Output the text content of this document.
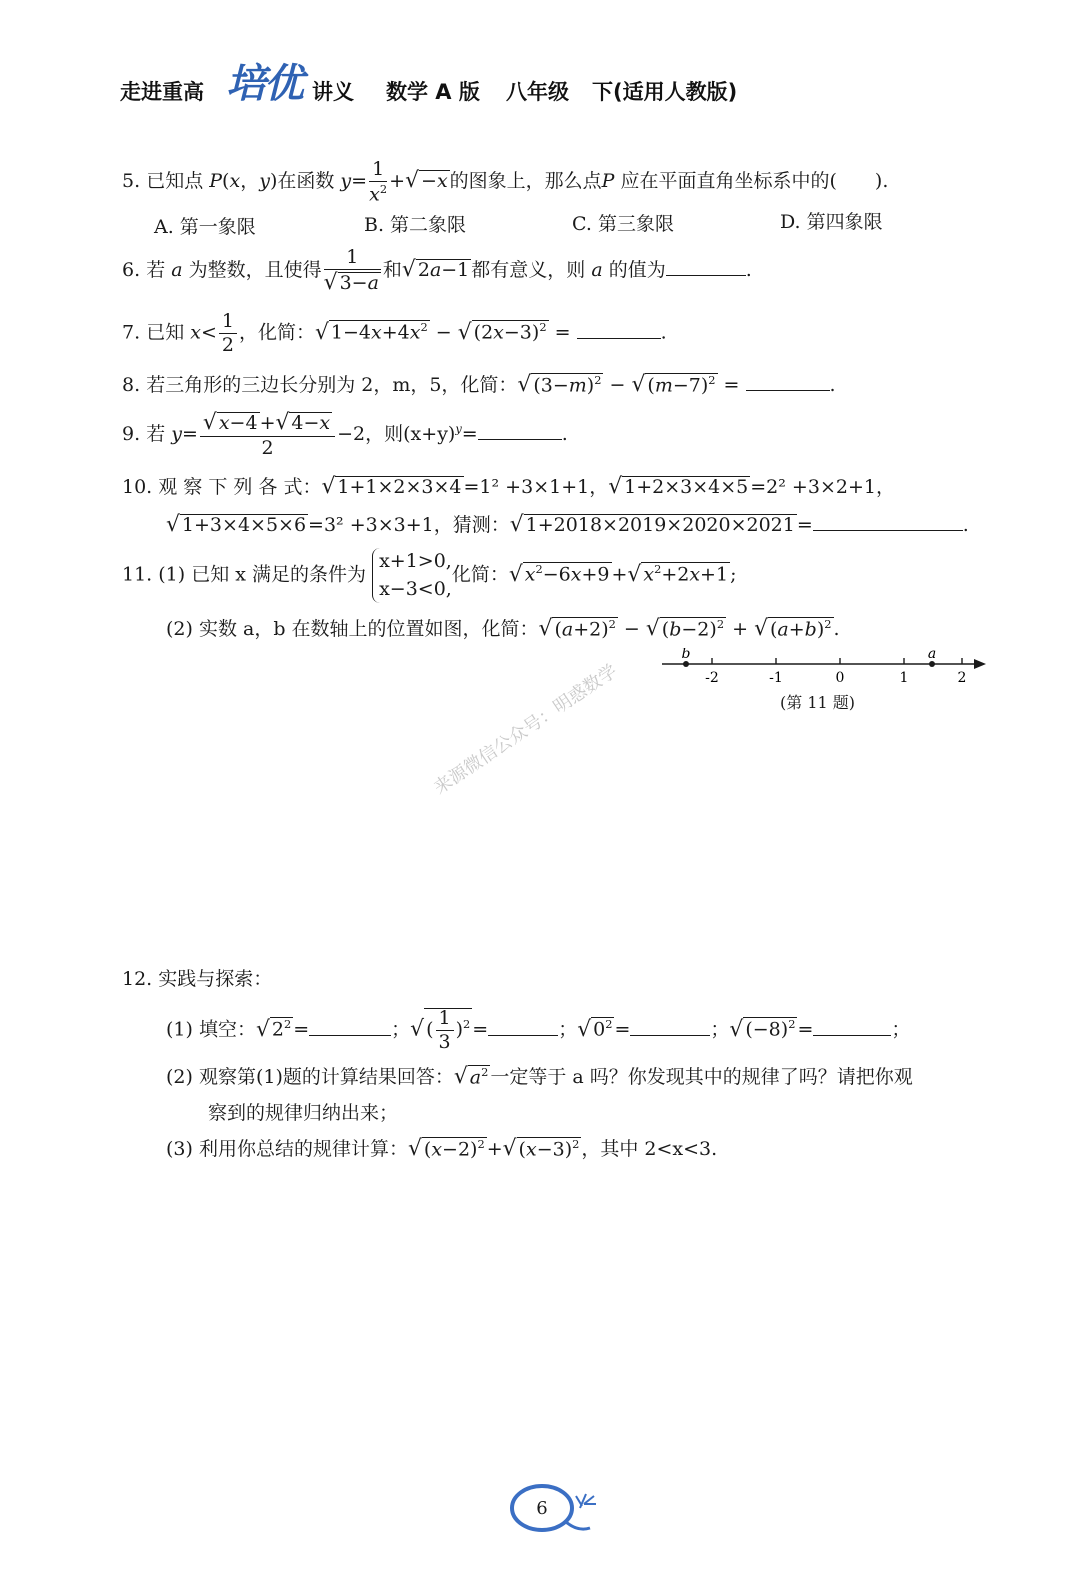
走进重高 培优 讲义 数学 A 版 八年级 下(适用人教版)
5. 已知点 P(x，y)在函数 $y= \frac{1}{x^2}$ +√ −x 的图象上，那么点P 应在平面直角坐标系中的(　　).
A. 第一象限	B. 第二象限	C. 第三象限	D. 第四象限
6. 若 a 为整数，且使得 $\frac{1}{√ 3-a}$ 和√ 2a−1 都有意义，则 a 的值为	.
7. 已知 $x< \frac{1}{2}$ ，化简：√ $1-4x+4x^2$ − √ $(2x-3)^2$ =	.
8. 若三角形的三边长分别为 2，m，5，化简：√ $(3-m)^2$ − √ $(m-7)^2$ =	.
9. 若 $y= \frac{√ x-4 +√ 4-x}{2} -2$，则$(x+y)^y=$	.
10. 观 察 下 列 各 式：√ 1+1×2×3×4 =1² +3×1+1，√ 1+2×3×4×5 =2² +3×2+1，
√ 1+3×4×5×6 =3² +3×3+1，猜测：√ 1+2018×2019×2020×2021 =	.
11. (1) 已知 x 满足的条件为
x+1>0,
x−3<0,
化简：√ $x^2-6x+9$ +√ $x^2+2x+1$ ;
(2) 实数 a，b 在数轴上的位置如图，化简：√ $(a+2)^2$ − √ $(b-2)^2$ + √ $(a+b)^2$ .
b	a
-2	-1	0	1	2
(第 11 题)
来源微信公众号：明惑数学
12. 实践与探索：
(1) 填空：√ $2^2$ =	；√ ( $\frac{1}{3} )^2$ =	；√ $0^2$ =	；√ $(-8)^2$ =	；
(2) 观察第(1)题的计算结果回答：√ $a^2$ 一定等于 a 吗？你发现其中的规律了吗？请把你观
察到的规律归纳出来；
(3) 利用你总结的规律计算：√ $(x-2)^2$ +√ $(x-3)^2$ ，其中 2<x<3.
6
